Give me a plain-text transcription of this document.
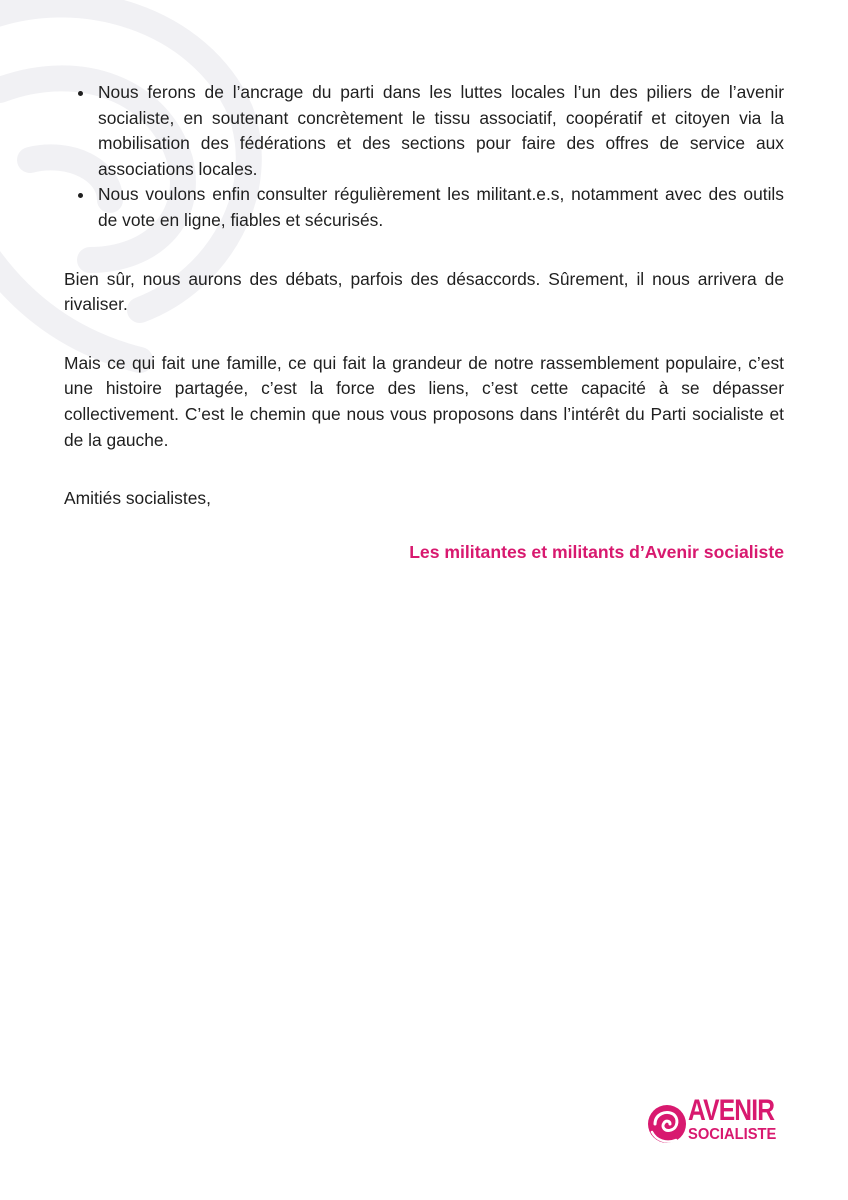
Nous ferons de l’ancrage du parti dans les luttes locales l’un des piliers de l’avenir socialiste, en soutenant concrètement le tissu associatif, coopératif et citoyen via la mobilisation des fédérations et des sections pour faire des offres de service aux associations locales.
Nous voulons enfin consulter régulièrement les militant.e.s, notamment avec des outils de vote en ligne, fiables et sécurisés.

Bien sûr, nous aurons des débats, parfois des désaccords. Sûrement, il nous arrivera de rivaliser.

Mais ce qui fait une famille, ce qui fait la grandeur de notre rassemblement populaire, c’est une histoire partagée, c’est la force des liens, c’est cette capacité à se dépasser collectivement. C’est le chemin que nous vous proposons dans l’intérêt du Parti socialiste et de la gauche.

Amitiés socialistes,

Les militantes et militants d’Avenir socialiste
AVENIR
SOCIALISTE
